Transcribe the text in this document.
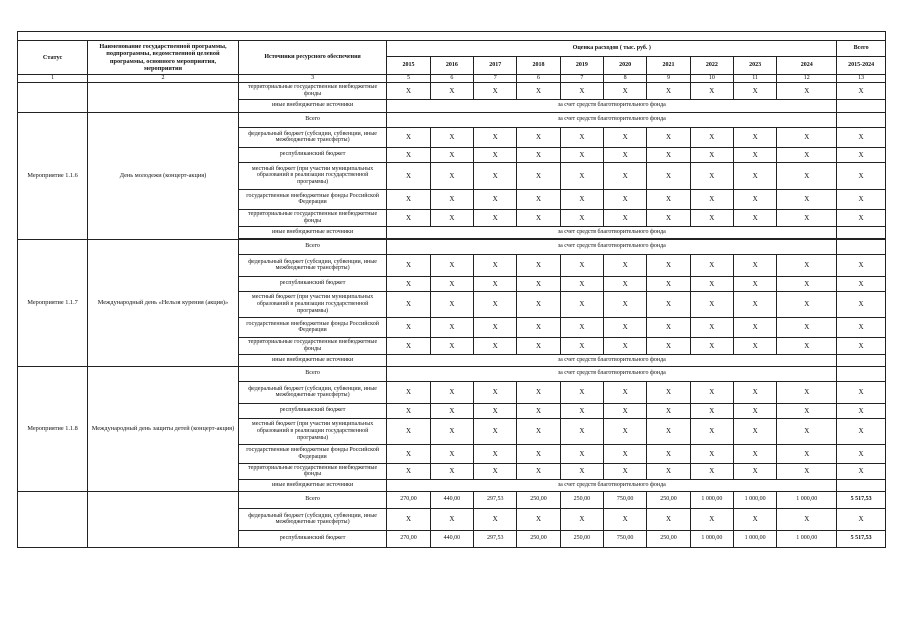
Статус	Наименование государственной программы, подпрограммы, ведомственной целевой программы, основного мероприятия, мероприятия	Источники ресурсного обеспечения	Оценка расходов ( тыс. руб. )										Всего
			2015	2016	2017	2018	2019	2020	2021	2022	2023	2024	2015-2024
1	2	3	5	6	7	6	7	8	9	10	11	12	13
		территориальные государственные внебюджетные фонды	X	X	X	X	X	X	X	X	X	X	X
		иные внебюджетные источники	за счет средств благотворительного фонда										
Мероприятие 1.1.6	День молодежи (концерт-акция)	Всего	за счет средств благотворительного фонда										
		федеральный бюджет (субсидии, субвенции, иные межбюджетные трансферты)	X	X	X	X	X	X	X	X	X	X	X
		республиканский бюджет	X	X	X	X	X	X	X	X	X	X	X
		местный бюджет (при участии муниципальных образований в реализации государственной программы)	X	X	X	X	X	X	X	X	X	X	X
		государственные внебюджетные фонды Российской Федерации	X	X	X	X	X	X	X	X	X	X	X
		территориальные государственные внебюджетные фонды	X	X	X	X	X	X	X	X	X	X	X
		иные внебюджетные источники	за счет средств благотворительного фонда										

Мероприятие 1.1.7	Международный день «Нельзя курения (акция)»	Всего	за счет средств благотворительного фонда										
		федеральный бюджет (субсидии, субвенции, иные межбюджетные трансферты)	X	X	X	X	X	X	X	X	X	X	X
		республиканский бюджет	X	X	X	X	X	X	X	X	X	X	X
		местный бюджет (при участии муниципальных образований в реализации государственной программы)	X	X	X	X	X	X	X	X	X	X	X
		государственные внебюджетные фонды Российской Федерации	X	X	X	X	X	X	X	X	X	X	X
		территориальные государственные внебюджетные фонды	X	X	X	X	X	X	X	X	X	X	X
		иные внебюджетные источники	за счет средств благотворительного фонда										
Мероприятие 1.1.8	Международный день защиты детей (концерт-акция)	Всего	за счет средств благотворительного фонда										
		федеральный бюджет (субсидии, субвенции, иные межбюджетные трансферты)	X	X	X	X	X	X	X	X	X	X	X
		республиканский бюджет	X	X	X	X	X	X	X	X	X	X	X
		местный бюджет (при участии муниципальных образований в реализации государственной программы)	X	X	X	X	X	X	X	X	X	X	X
		государственные внебюджетные фонды Российской Федерации	X	X	X	X	X	X	X	X	X	X	X
		территориальные государственные внебюджетные фонды	X	X	X	X	X	X	X	X	X	X	X
		иные внебюджетные источники	за счет средств благотворительного фонда										
		Всего	270,00	440,00	297,53	250,00	250,00	750,00	250,00	1 000,00	1 000,00	1 000,00	5 517,53
		федеральный бюджет (субсидии, субвенции, иные межбюджетные трансферты)	X	X	X	X	X	X	X	X	X	X	X
		республиканский бюджет	270,00	440,00	297,53	250,00	250,00	750,00	250,00	1 000,00	1 000,00	1 000,00	5 517,53
